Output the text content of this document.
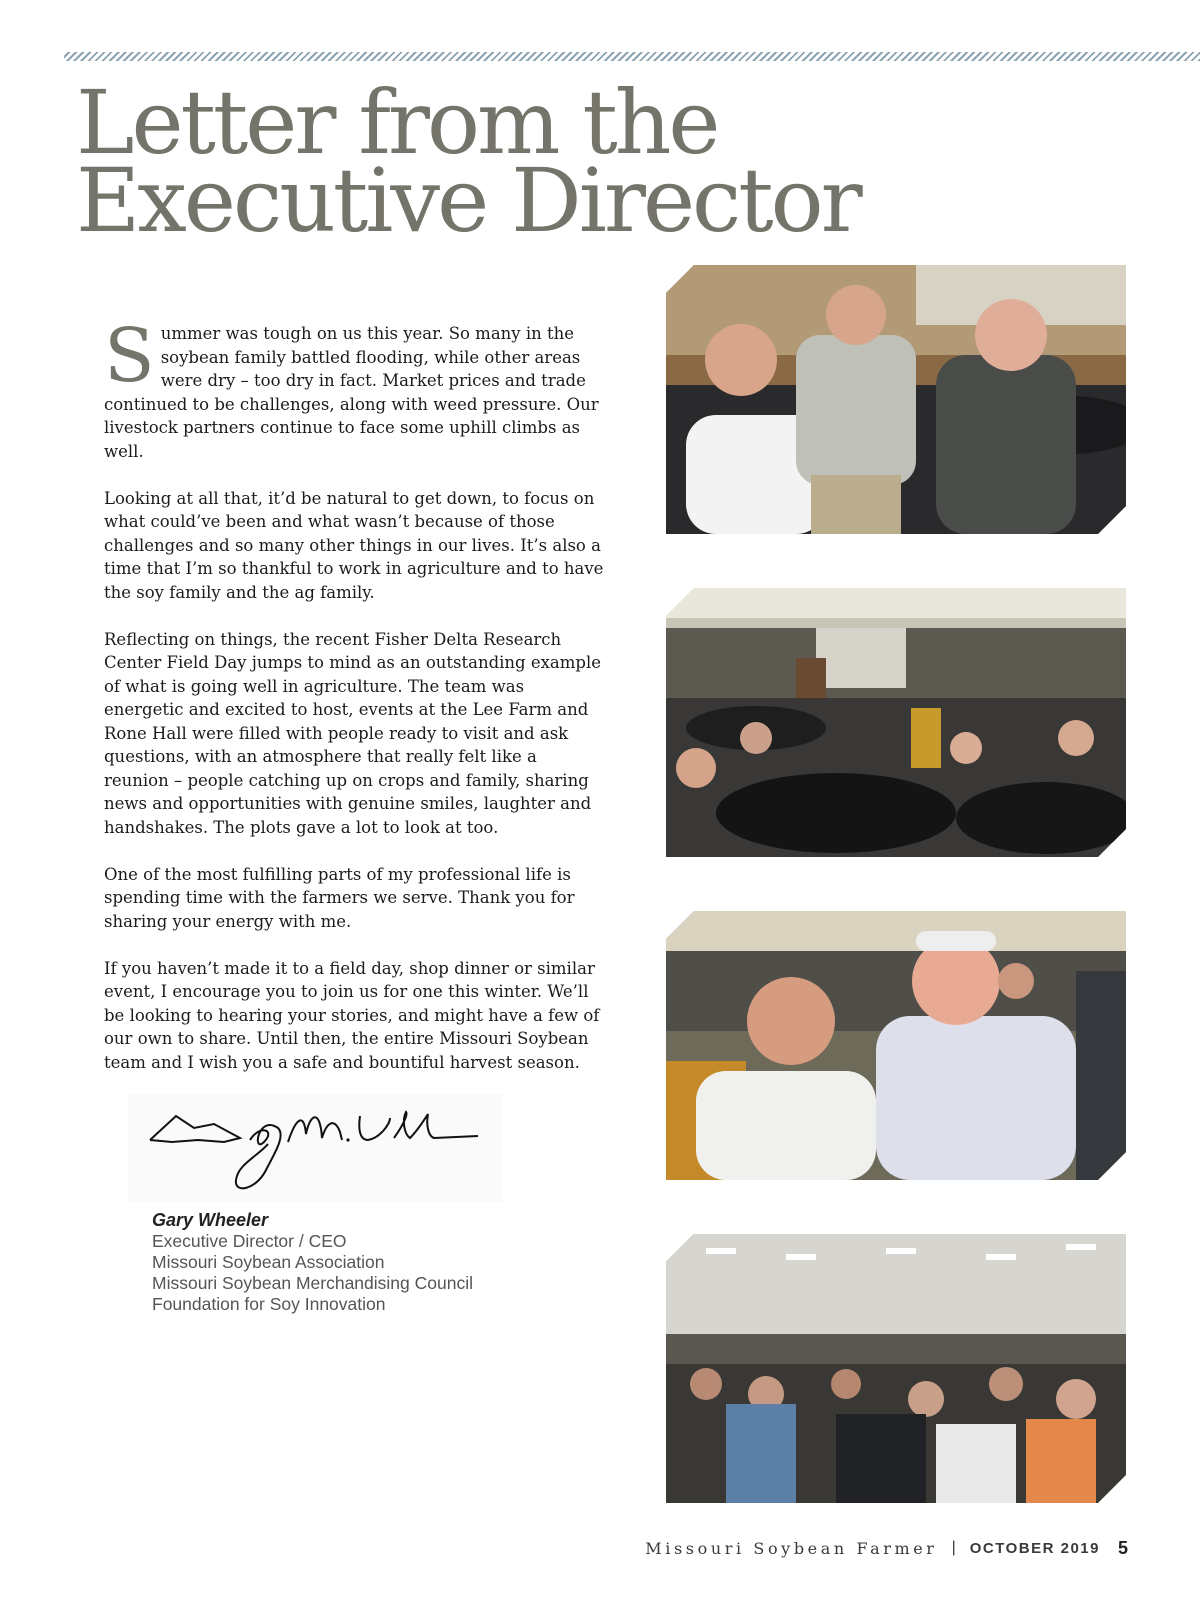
Letter from the
Executive Director

Summer was tough on us this year. So many in the soybean family battled flooding, while other areas were dry – too dry in fact. Market prices and trade continued to be challenges, along with weed pressure. Our livestock partners continue to face some uphill climbs as well.

Looking at all that, it’d be natural to get down, to focus on what could’ve been and what wasn’t because of those challenges and so many other things in our lives. It’s also a time that I’m so thankful to work in agriculture and to have the soy family and the ag family.

Reflecting on things, the recent Fisher Delta Research Center Field Day jumps to mind as an outstanding example of what is going well in agriculture. The team was energetic and excited to host, events at the Lee Farm and Rone Hall were filled with people ready to visit and ask questions, with an atmosphere that really felt like a reunion – people catching up on crops and family, sharing news and opportunities with genuine smiles, laughter and handshakes. The plots gave a lot to look at too.

One of the most fulfilling parts of my professional life is spending time with the farmers we serve. Thank you for sharing your energy with me.

If you haven’t made it to a field day, shop dinner or similar event, I encourage you to join us for one this winter. We’ll be looking to hearing your stories, and might have a few of our own to share. Until then, the entire Missouri Soybean team and I wish you a safe and bountiful harvest season.

Gary Wheeler
Executive Director / CEO
Missouri Soybean Association
Missouri Soybean Merchandising Council
Foundation for Soy Innovation
Missouri Soybean Farmer | OCTOBER 2019 5
